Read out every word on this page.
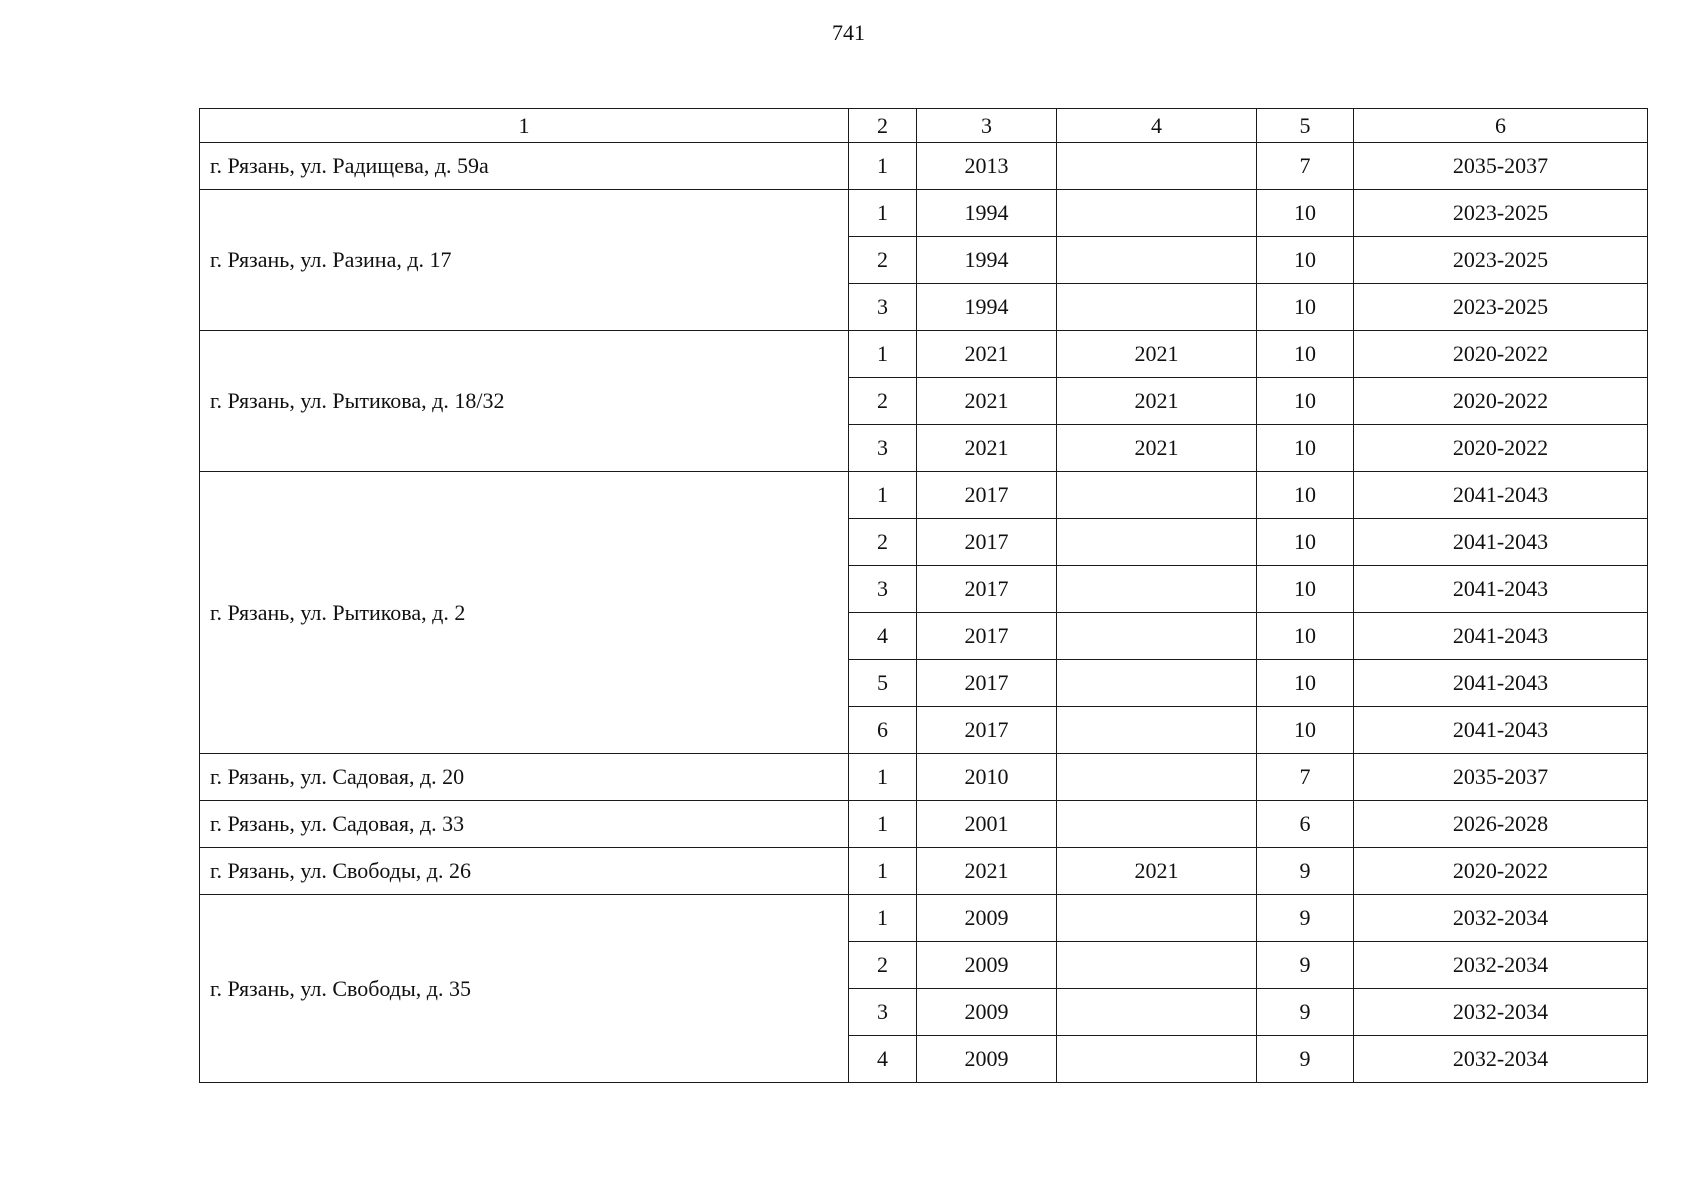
741
1	2	3	4	5	6
г. Рязань, ул. Радищева, д. 59а	1	2013		7	2035-2037
г. Рязань, ул. Разина, д. 17	1	1994		10	2023-2025
	2	1994		10	2023-2025
	3	1994		10	2023-2025
г. Рязань, ул. Рытикова, д. 18/32	1	2021	2021	10	2020-2022
	2	2021	2021	10	2020-2022
	3	2021	2021	10	2020-2022
г. Рязань, ул. Рытикова, д. 2	1	2017		10	2041-2043
	2	2017		10	2041-2043
	3	2017		10	2041-2043
	4	2017		10	2041-2043
	5	2017		10	2041-2043
	6	2017		10	2041-2043
г. Рязань, ул. Садовая, д. 20	1	2010		7	2035-2037
г. Рязань, ул. Садовая, д. 33	1	2001		6	2026-2028
г. Рязань, ул. Свободы, д. 26	1	2021	2021	9	2020-2022
г. Рязань, ул. Свободы, д. 35	1	2009		9	2032-2034
	2	2009		9	2032-2034
	3	2009		9	2032-2034
	4	2009		9	2032-2034
